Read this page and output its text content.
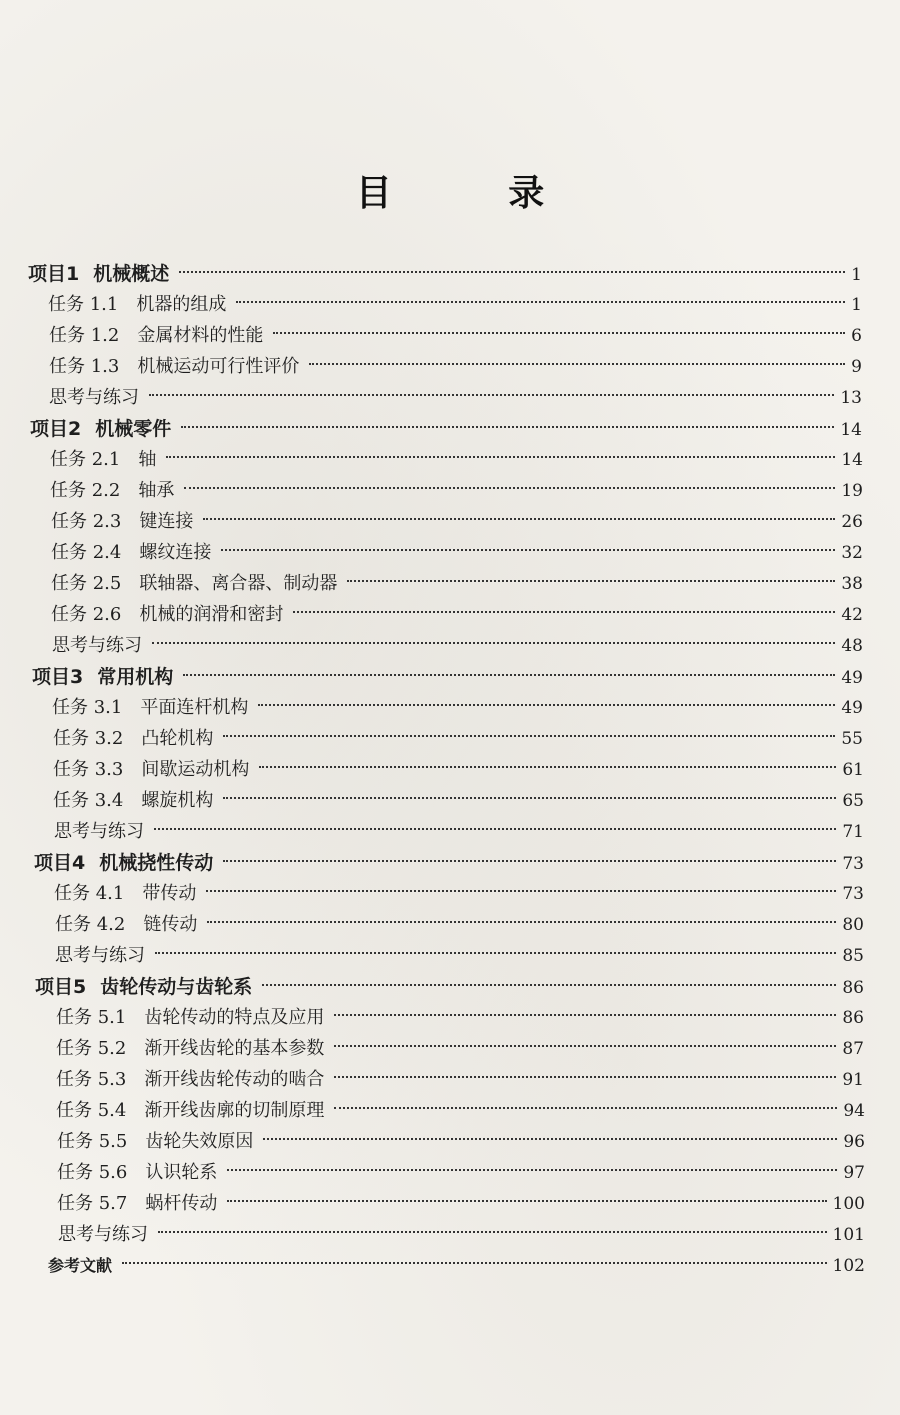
目 录
项目1 机械概述	1
任务 1.1 机器的组成	1
任务 1.2 金属材料的性能	6
任务 1.3 机械运动可行性评价	9
思考与练习	13
项目2 机械零件	14
任务 2.1 轴	14
任务 2.2 轴承	19
任务 2.3 键连接	26
任务 2.4 螺纹连接	32
任务 2.5 联轴器、离合器、制动器	38
任务 2.6 机械的润滑和密封	42
思考与练习	48
项目3 常用机构	49
任务 3.1 平面连杆机构	49
任务 3.2 凸轮机构	55
任务 3.3 间歇运动机构	61
任务 3.4 螺旋机构	65
思考与练习	71
项目4 机械挠性传动	73
任务 4.1 带传动	73
任务 4.2 链传动	80
思考与练习	85
项目5 齿轮传动与齿轮系	86
任务 5.1 齿轮传动的特点及应用	86
任务 5.2 渐开线齿轮的基本参数	87
任务 5.3 渐开线齿轮传动的啮合	91
任务 5.4 渐开线齿廓的切制原理	94
任务 5.5 齿轮失效原因	96
任务 5.6 认识轮系	97
任务 5.7 蜗杆传动	100
思考与练习	101
参考文献	102
